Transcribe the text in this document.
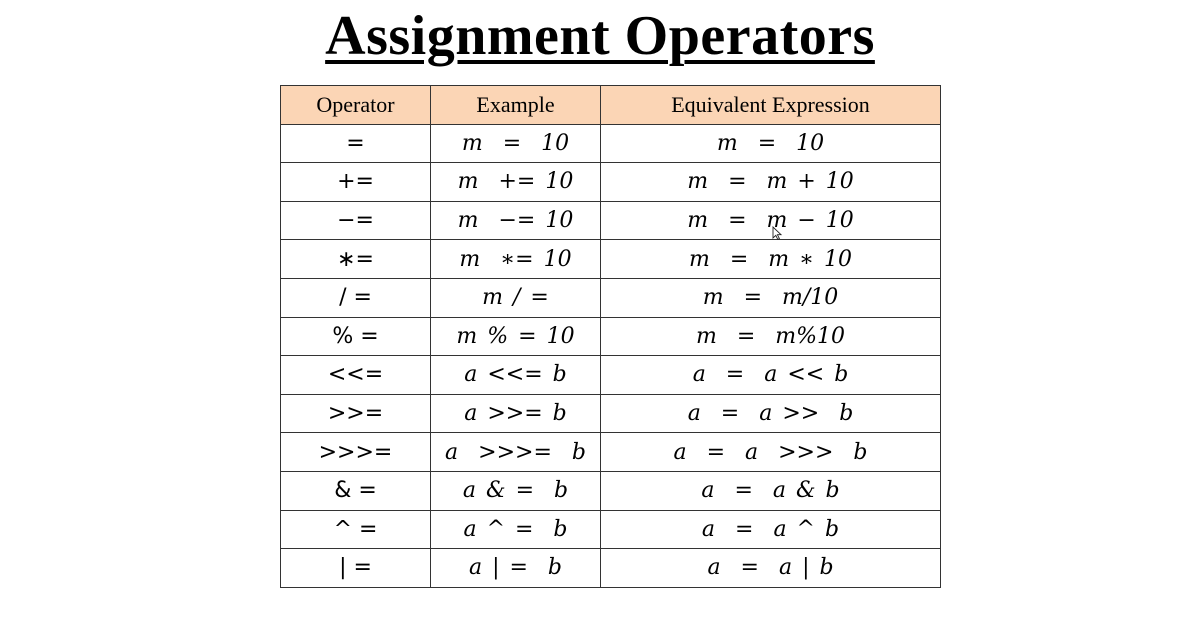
Assignment Operators
Operator	Example	Equivalent Expression
=	m  =  10	m  =  10
+=	m  += 10	m  =  m + 10
−=	m  −= 10	m  =  m − 10
∗=	m  ∗= 10	m  =  m ∗ 10
/ =	m / =	m  =  m/10
% =	m % = 10	m  =  m%10
<<=	a <<= b	a  =  a << b
>>=	a >>= b	a  =  a >>  b
>>>=	a  >>>=  b	a  =  a  >>>  b
& =	a & =  b	a  =  a & b
^ =	a ^ =  b	a  =  a ^ b
| =	a | =  b	a  =  a | b
